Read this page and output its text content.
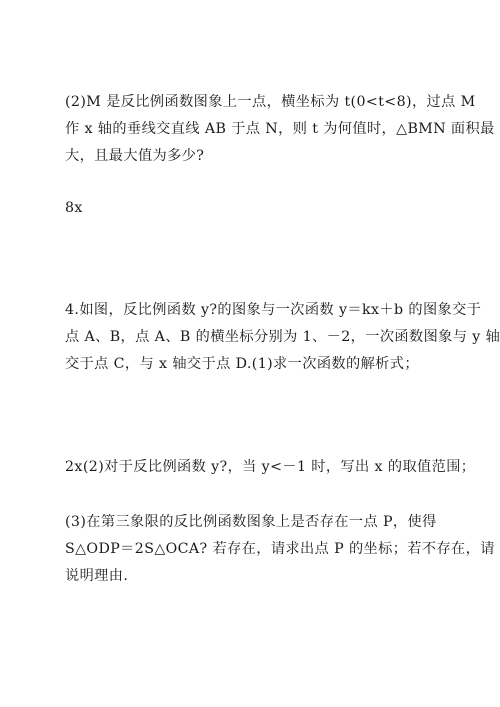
(2)M 是反比例函数图象上一点，横坐标为 t(0<t<8)，过点 M
作 x 轴的垂线交直线 AB 于点 N，则 t 为何值时，△BMN 面积最
大，且最大值为多少?
8x
4.如图，反比例函数 y?的图象与一次函数 y＝kx＋b 的图象交于
点 A、B，点 A、B 的横坐标分别为 1、－2，一次函数图象与 y 轴
交于点 C，与 x 轴交于点 D.(1)求一次函数的解析式；
2x(2)对于反比例函数 y?，当 y<－1 时，写出 x 的取值范围；
(3)在第三象限的反比例函数图象上是否存在一点 P，使得
S△ODP＝2S△OCA? 若存在，请求出点 P 的坐标；若不存在，请
说明理由.
